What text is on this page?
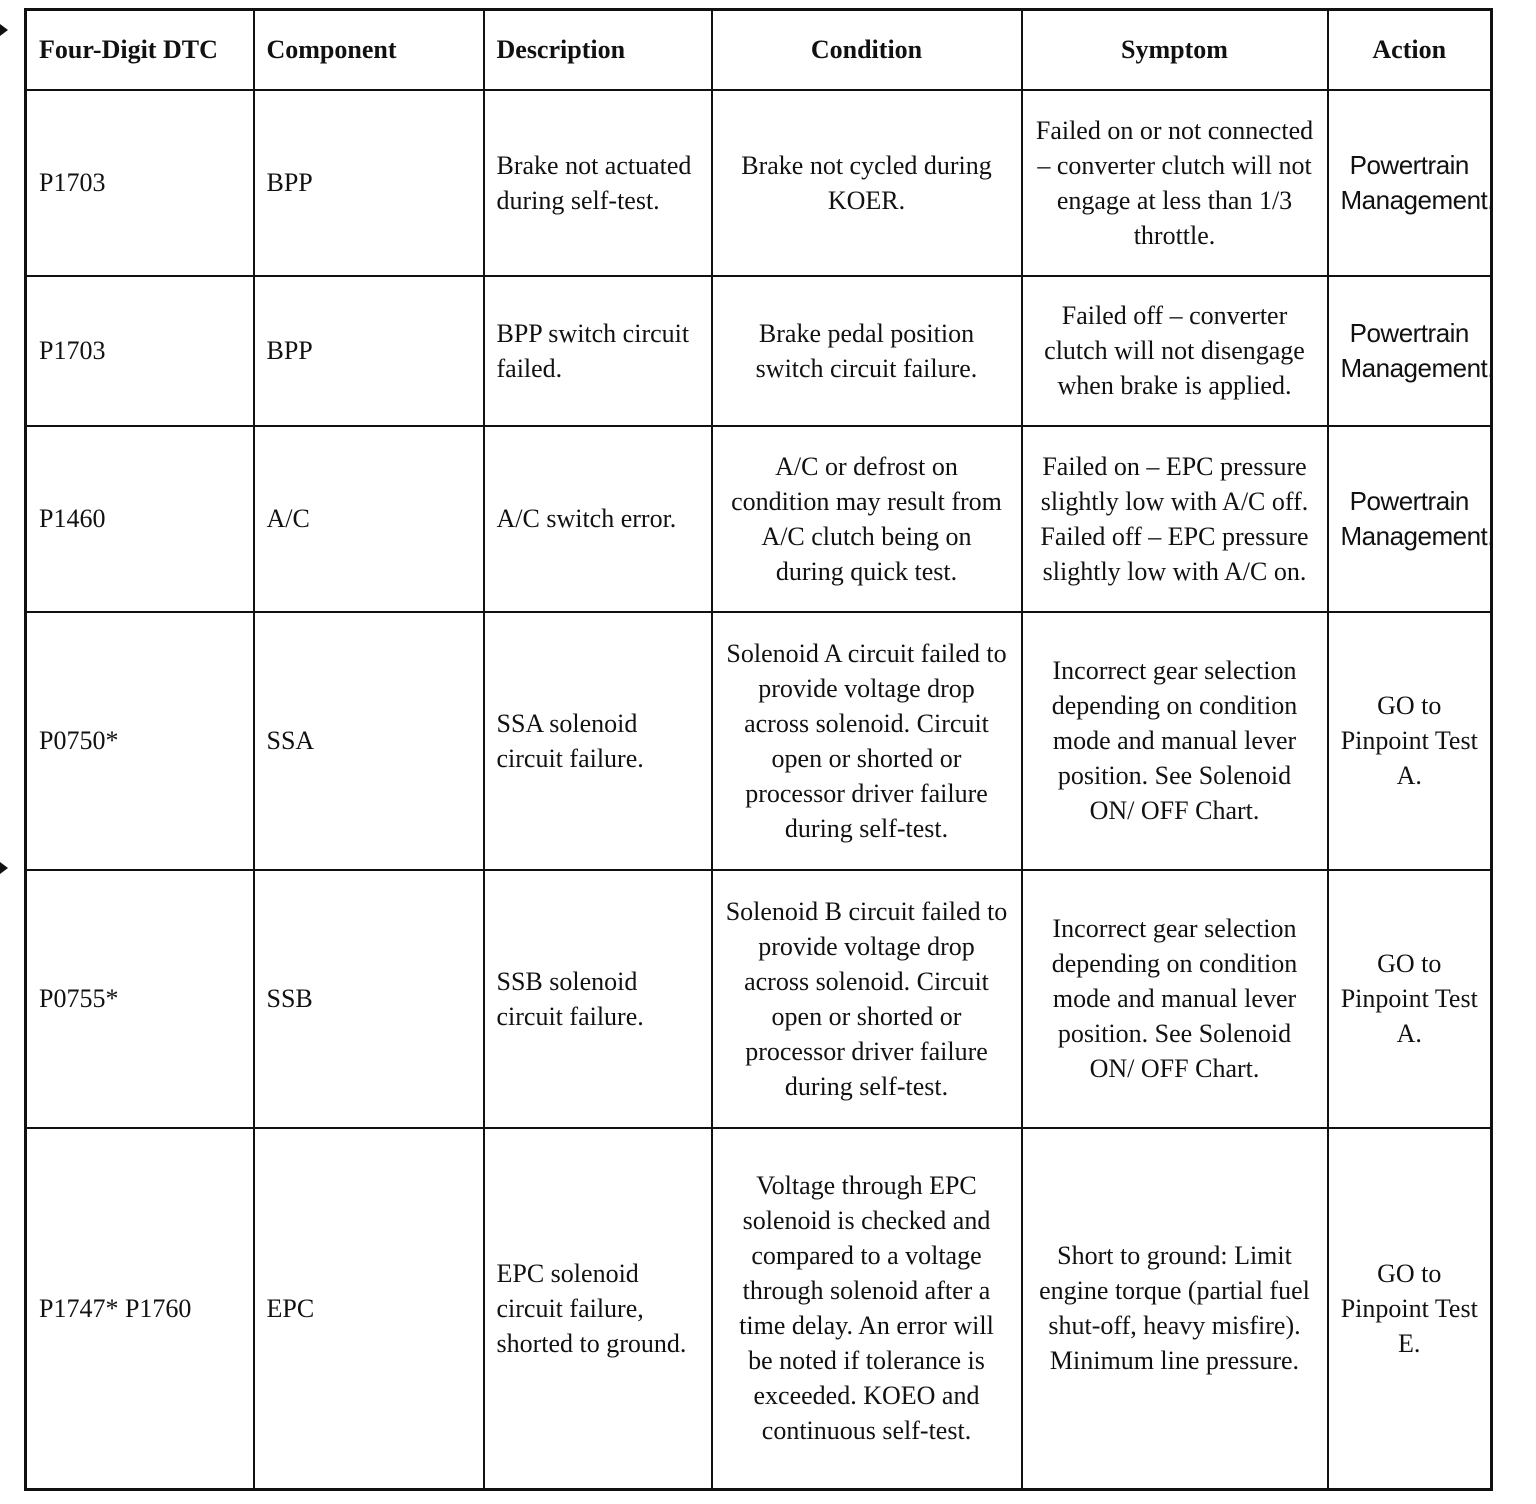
Four-Digit DTC	Component	Description	Condition	Symptom	Action
P1703	BPP	Brake not actuated during self-test.	Brake not cycled during KOER.	Failed on or not connected – converter clutch will not engage at less than 1/3 throttle.	Powertrain Management.
P1703	BPP	BPP switch circuit failed.	Brake pedal position switch circuit failure.	Failed off – converter clutch will not disengage when brake is applied.	Powertrain Management.
P1460	A/C	A/C switch error.	A/C or defrost on condition may result from A/C clutch being on during quick test.	Failed on – EPC pressure slightly low with A/C off. Failed off – EPC pressure slightly low with A/C on.	Powertrain Management.
P0750*	SSA	SSA solenoid circuit failure.	Solenoid A circuit failed to provide voltage drop across solenoid. Circuit open or shorted or processor driver failure during self-test.	Incorrect gear selection depending on condition mode and manual lever position. See Solenoid ON/ OFF Chart.	GO to Pinpoint Test A.
P0755*	SSB	SSB solenoid circuit failure.	Solenoid B circuit failed to provide voltage drop across solenoid. Circuit open or shorted or processor driver failure during self-test.	Incorrect gear selection depending on condition mode and manual lever position. See Solenoid ON/ OFF Chart.	GO to Pinpoint Test A.
P1747* P1760	EPC	EPC solenoid circuit failure, shorted to ground.	Voltage through EPC solenoid is checked and compared to a voltage through solenoid after a time delay. An error will be noted if tolerance is exceeded. KOEO and continuous self-test.	Short to ground: Limit engine torque (partial fuel shut-off, heavy misfire). Minimum line pressure.	GO to Pinpoint Test E.
